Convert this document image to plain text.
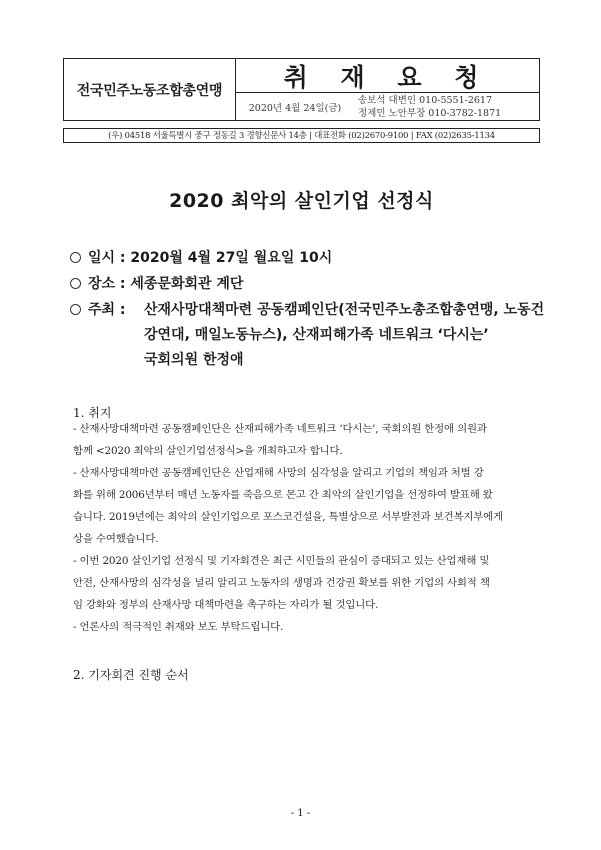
전국민주노동조합총연맹	취 재 요 청
2020년 4월 24일(금)
송보석 대변인 010-5551-2617
정제민 노안부장 010-3782-1871
(우) 04518 서울특별시 중구 정동길 3 경향신문사 14층 | 대표전화 (02)2670-9100 | FAX (02)2635-1134
2020 최악의 살인기업 선정식
일시 : 2020월 4월 27일 월요일 10시
장소 : 세종문화회관 계단
주최 : 산재사망대책마련 공동캠페인단(전국민주노총조합총연맹, 노동건
강연대, 매일노동뉴스), 산재피해가족 네트워크 ‘다시는’
국회의원 한정애
1. 취지
- 산재사망대책마련 공동캠페인단은 산재피해가족 네트워크 ‘다시는’, 국회의원 한정애 의원과
함께 <2020 최악의 살인기업선정식>을 개최하고자 합니다.
- 산재사망대책마련 공동캠페인단은 산업재해 사망의 심각성을 알리고 기업의 책임과 처벌 강
화를 위해 2006년부터 매년 노동자를 죽음으로 몬고 간 최악의 살인기업을 선정하여 발표해 왔
습니다. 2019년에는 최악의 살인기업으로 포스코건설을, 특별상으로 서부발전과 보건복지부에게
상을 수여했습니다.
- 이번 2020 살인기업 선정식 및 기자회견은 최근 시민들의 관심이 증대되고 있는 산업재해 및
안전, 산재사망의 심각성을 널리 알리고 노동자의 생명과 건강권 확보를 위한 기업의 사회적 책
임 강화와 정부의 산재사망 대책마련을 촉구하는 자리가 될 것입니다.
- 언론사의 적극적인 취재와 보도 부탁드립니다.
2. 기자회견 진행 순서
- 1 -
